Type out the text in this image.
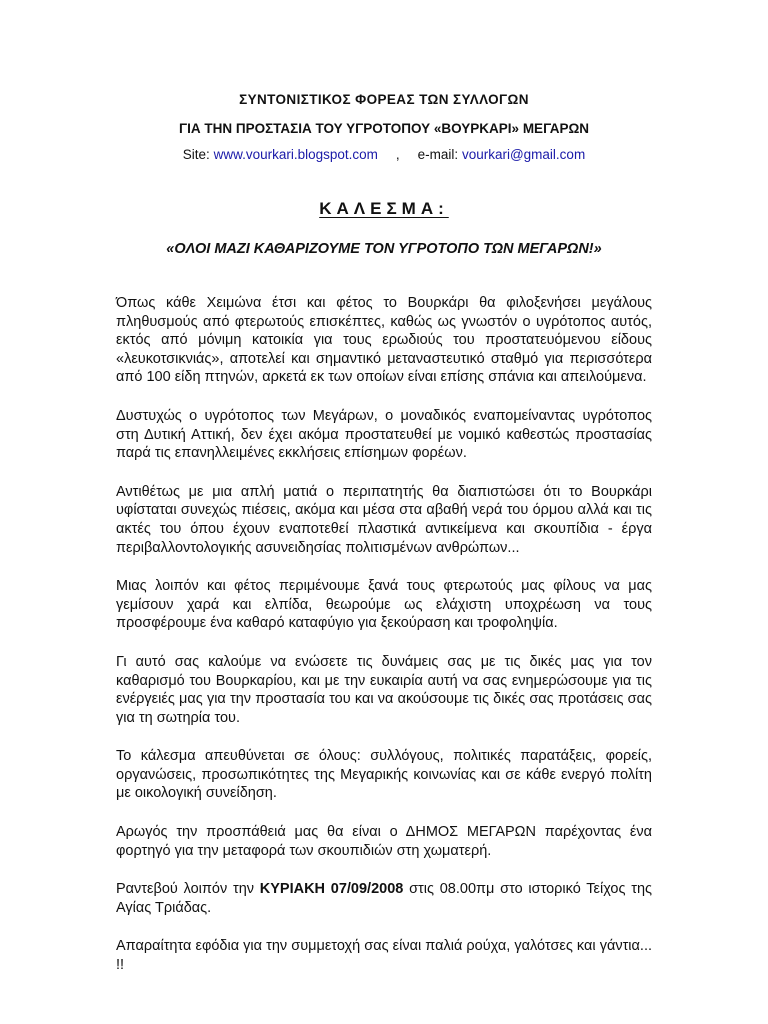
ΣΥΝΤΟΝΙΣΤΙΚΟΣ ΦΟΡΕΑΣ ΤΩΝ ΣΥΛΛΟΓΩΝ
ΓΙΑ ΤΗΝ ΠΡΟΣΤΑΣΙΑ ΤΟΥ ΥΓΡΟΤΟΠΟΥ «ΒΟΥΡΚΑΡΙ» ΜΕΓΑΡΩΝ
Site: www.vourkari.blogspot.com , e-mail: vourkari@gmail.com
ΚΑΛΕΣΜΑ:
«ΟΛΟΙ ΜΑΖΙ ΚΑΘΑΡΙΖΟΥΜΕ ΤΟΝ ΥΓΡΟΤΟΠΟ ΤΩΝ ΜΕΓΑΡΩΝ!»

Όπως κάθε Χειμώνα έτσι και φέτος το Βουρκάρι θα φιλοξενήσει μεγάλους πληθυσμούς από φτερωτούς επισκέπτες, καθώς ως γνωστόν ο υγρότοπος αυτός, εκτός από μόνιμη κατοικία για τους ερωδιούς του προστατευόμενου είδους «λευκοτσικνιάς», αποτελεί και σημαντικό μεταναστευτικό σταθμό για περισσότερα από 100 είδη πτηνών, αρκετά εκ των οποίων είναι επίσης σπάνια και απειλούμενα.

Δυστυχώς ο υγρότοπος των Μεγάρων, ο μοναδικός εναπομείναντας υγρότοπος στη Δυτική Αττική, δεν έχει ακόμα προστατευθεί με νομικό καθεστώς προστασίας παρά τις επανηλλειμένες εκκλήσεις επίσημων φορέων.

Αντιθέτως με μια απλή ματιά ο περιπατητής θα διαπιστώσει ότι το Βουρκάρι υφίσταται συνεχώς πιέσεις, ακόμα και μέσα στα αβαθή νερά του όρμου αλλά και τις ακτές του όπου έχουν εναποτεθεί πλαστικά αντικείμενα και σκουπίδια - έργα περιβαλλοντολογικής ασυνειδησίας πολιτισμένων ανθρώπων...

Μιας λοιπόν και φέτος περιμένουμε ξανά τους φτερωτούς μας φίλους να μας γεμίσουν χαρά και ελπίδα, θεωρούμε ως ελάχιστη υποχρέωση να τους προσφέρουμε ένα καθαρό καταφύγιο για ξεκούραση και τροφοληψία.

Γι αυτό σας καλούμε να ενώσετε τις δυνάμεις σας με τις δικές μας για τον καθαρισμό του Βουρκαρίου, και με την ευκαιρία αυτή να σας ενημερώσουμε για τις ενέργειές μας για την προστασία του και να ακούσουμε τις δικές σας προτάσεις σας για τη σωτηρία του.

Το κάλεσμα απευθύνεται σε όλους: συλλόγους, πολιτικές παρατάξεις, φορείς, οργανώσεις, προσωπικότητες της Μεγαρικής κοινωνίας και σε κάθε ενεργό πολίτη με οικολογική συνείδηση.

Αρωγός την προσπάθειά μας θα είναι ο ΔΗΜΟΣ ΜΕΓΑΡΩΝ παρέχοντας ένα φορτηγό για την μεταφορά των σκουπιδιών στη χωματερή.

Ραντεβού λοιπόν την ΚΥΡΙΑΚΗ 07/09/2008 στις 08.00πμ στο ιστορικό Τείχος της Αγίας Τριάδας.

Απαραίτητα εφόδια για την συμμετοχή σας είναι παλιά ρούχα, γαλότσες και γάντια... !!
